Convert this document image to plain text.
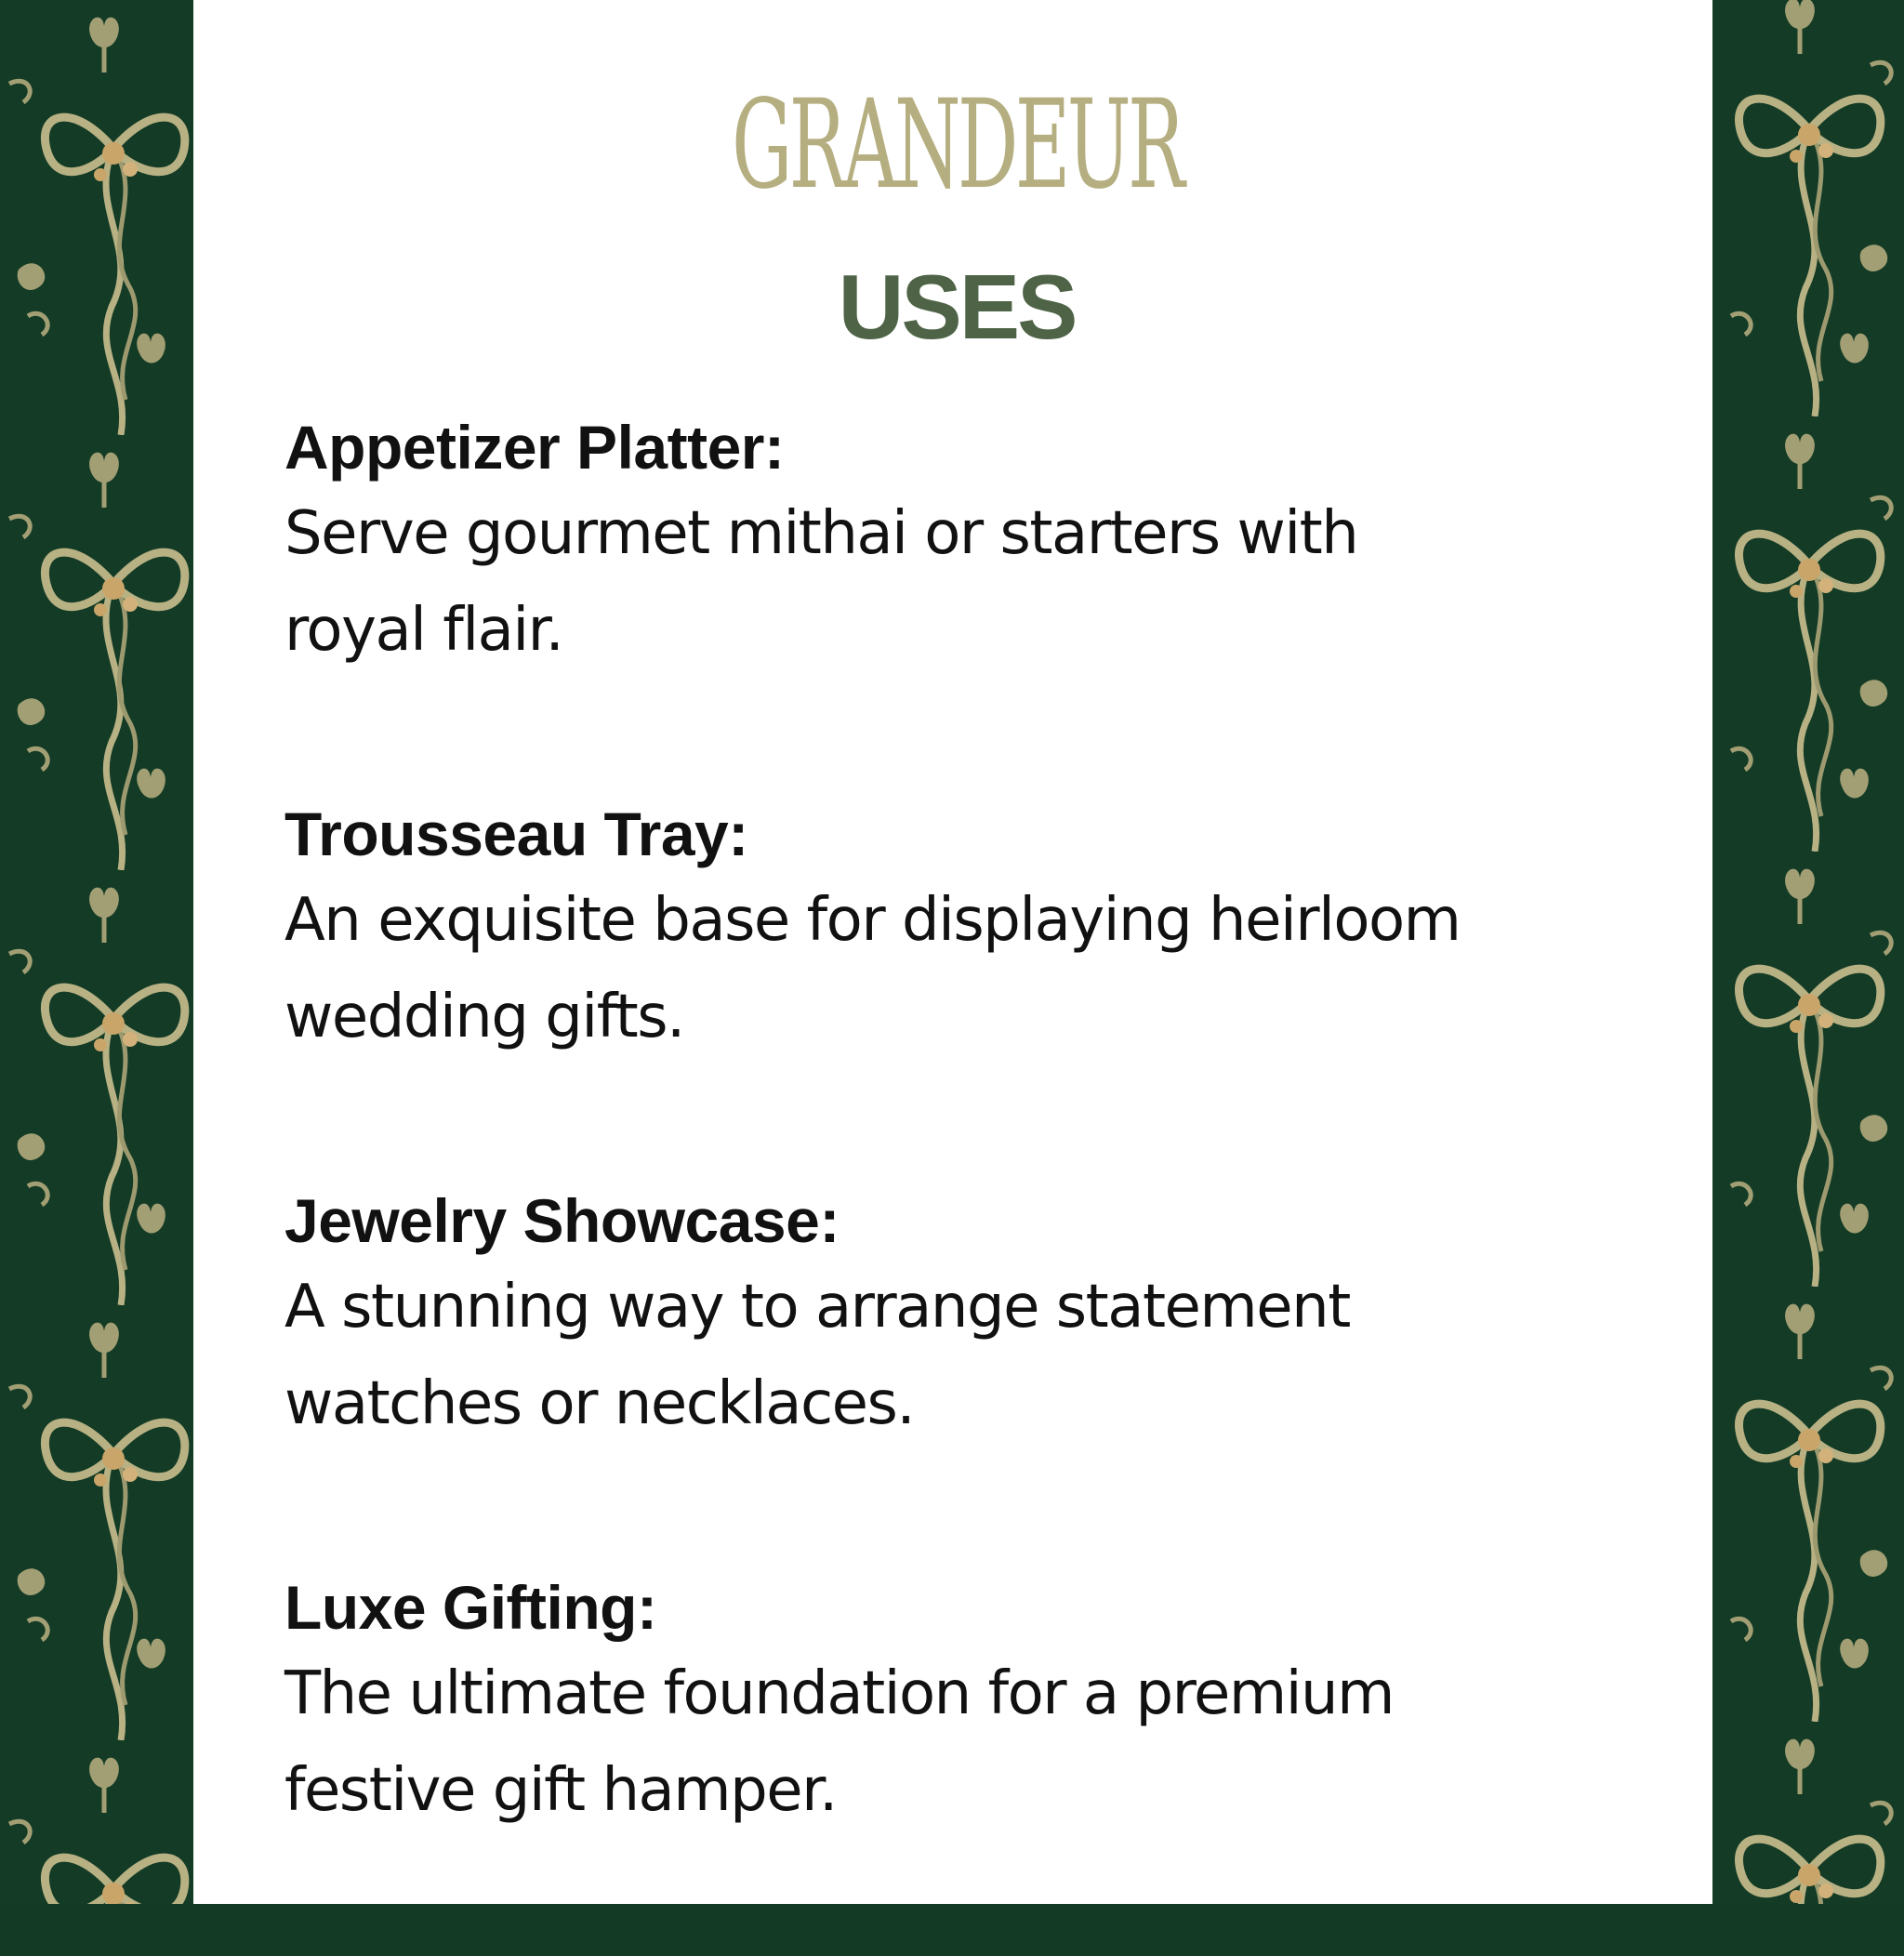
GRANDEUR
USES
Appetizer Platter:
Serve gourmet mithai or starters with
royal flair.
Trousseau Tray:
An exquisite base for displaying heirloom
wedding gifts.
Jewelry Showcase:
A stunning way to arrange statement
watches or necklaces.
Luxe Gifting:
The ultimate foundation for a premium
festive gift hamper.
